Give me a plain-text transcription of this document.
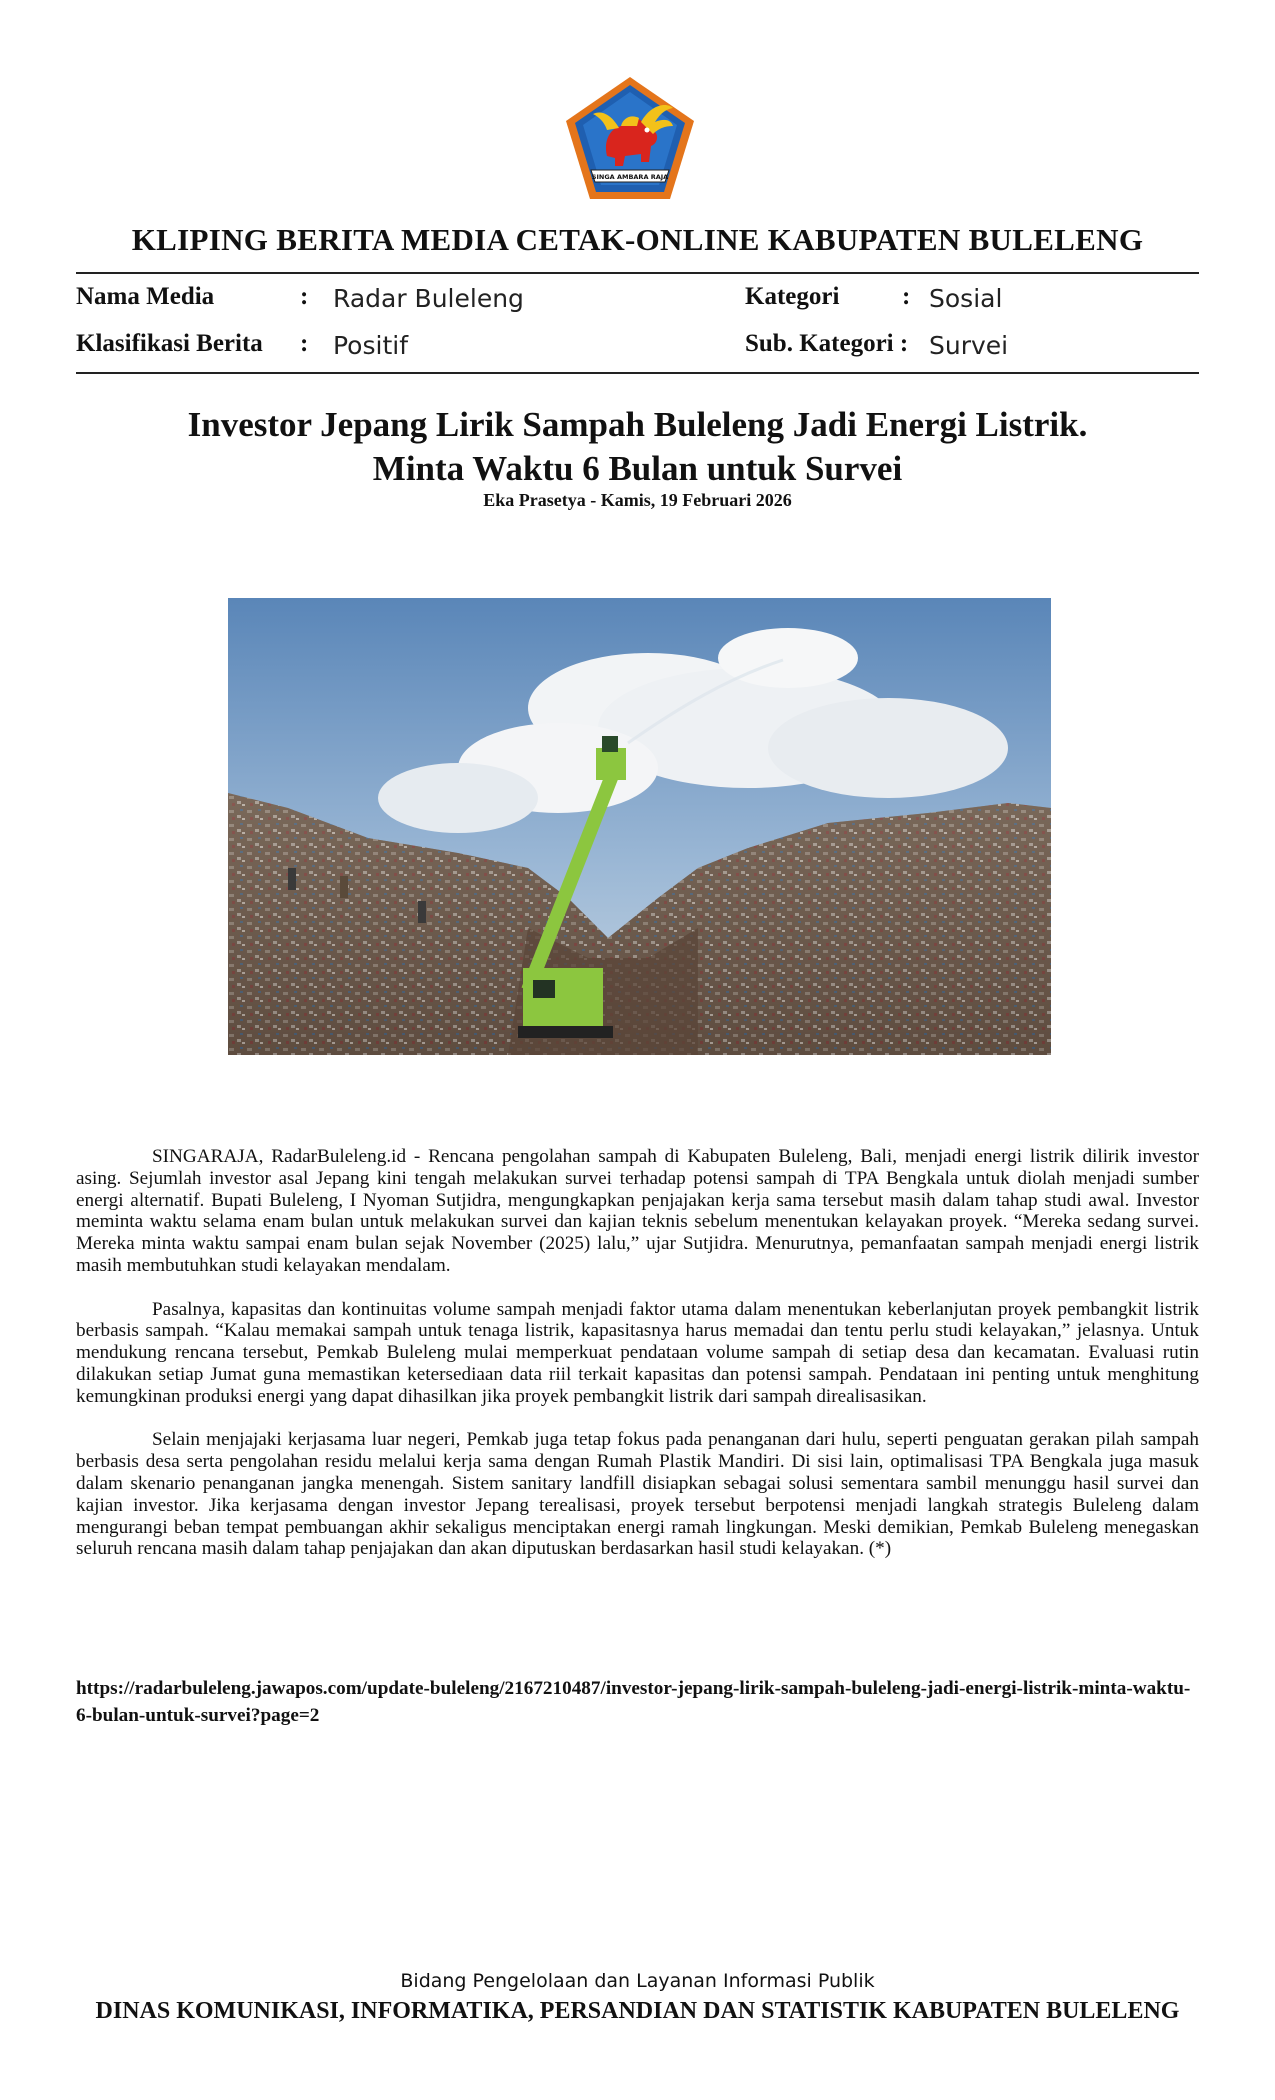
SINGA AMBARA RAJA
KLIPING BERITA MEDIA CETAK-ONLINE KABUPATEN BULELENG
Nama Media	: Radar Buleleng
Klasifikasi Berita : Positif
Kategori	: Sosial
Sub. Kategori : Survei
Investor Jepang Lirik Sampah Buleleng Jadi Energi Listrik.
Minta Waktu 6 Bulan untuk Survei
Eka Prasetya - Kamis, 19 Februari 2026

SINGARAJA, RadarBuleleng.id - Rencana pengolahan sampah di Kabupaten Buleleng, Bali, menjadi energi listrik dilirik investor asing. Sejumlah investor asal Jepang kini tengah melakukan survei terhadap potensi sampah di TPA Bengkala untuk diolah menjadi sumber energi alternatif. Bupati Buleleng, I Nyoman Sutjidra, mengungkapkan penjajakan kerja sama tersebut masih dalam tahap studi awal. Investor meminta waktu selama enam bulan untuk melakukan survei dan kajian teknis sebelum menentukan kelayakan proyek. “Mereka sedang survei. Mereka minta waktu sampai enam bulan sejak November (2025) lalu,” ujar Sutjidra. Menurutnya, pemanfaatan sampah menjadi energi listrik masih membutuhkan studi kelayakan mendalam.

Pasalnya, kapasitas dan kontinuitas volume sampah menjadi faktor utama dalam menentukan keberlanjutan proyek pembangkit listrik berbasis sampah. “Kalau memakai sampah untuk tenaga listrik, kapasitasnya harus memadai dan tentu perlu studi kelayakan,” jelasnya. Untuk mendukung rencana tersebut, Pemkab Buleleng mulai memperkuat pendataan volume sampah di setiap desa dan kecamatan. Evaluasi rutin dilakukan setiap Jumat guna memastikan ketersediaan data riil terkait kapasitas dan potensi sampah. Pendataan ini penting untuk menghitung kemungkinan produksi energi yang dapat dihasilkan jika proyek pembangkit listrik dari sampah direalisasikan.

Selain menjajaki kerjasama luar negeri, Pemkab juga tetap fokus pada penanganan dari hulu, seperti penguatan gerakan pilah sampah berbasis desa serta pengolahan residu melalui kerja sama dengan Rumah Plastik Mandiri. Di sisi lain, optimalisasi TPA Bengkala juga masuk dalam skenario penanganan jangka menengah. Sistem sanitary landfill disiapkan sebagai solusi sementara sambil menunggu hasil survei dan kajian investor. Jika kerjasama dengan investor Jepang terealisasi, proyek tersebut berpotensi menjadi langkah strategis Buleleng dalam mengurangi beban tempat pembuangan akhir sekaligus menciptakan energi ramah lingkungan. Meski demikian, Pemkab Buleleng menegaskan seluruh rencana masih dalam tahap penjajakan dan akan diputuskan berdasarkan hasil studi kelayakan. (*)

https://radarbuleleng.jawapos.com/update-buleleng/2167210487/investor-jepang-lirik-sampah-buleleng-jadi-energi-listrik-minta-waktu-6-bulan-untuk-survei?page=2
Bidang Pengelolaan dan Layanan Informasi Publik
DINAS KOMUNIKASI, INFORMATIKA, PERSANDIAN DAN STATISTIK KABUPATEN BULELENG
